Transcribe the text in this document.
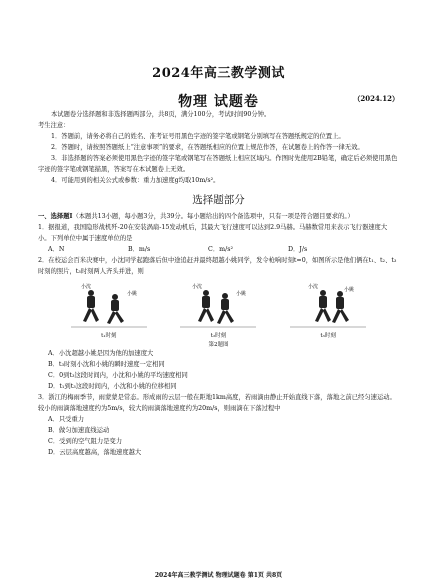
2024年高三教学测试
物理 试题卷	（2024.12）

本试题卷分选择题和非选择题两部分，共8页，满分100分，考试时间90分钟。

考生注意：

1．答题前，请务必将自己的姓名、准考证号用黑色字迹的签字笔或钢笔分别填写在答题纸规定的位置上。

2．答题时，请按照答题纸上“注意事项”的要求，在答题纸相应的位置上规范作答，在试题卷上的作答一律无效。

3．非选择题的答案必须使用黑色字迹的签字笔或钢笔写在答题纸上相应区域内。作图时先使用2B铅笔，确定后必须使用黑色字迹的签字笔或钢笔描黑，答案写在本试题卷上无效。

4．可能用到的相关公式或参数：重力加速度g均取10m/s²。

选择题部分

一、选择题Ⅰ（本题共13小题，每小题3分，共39分。每小题给出的四个备选项中，只有一项是符合题目要求的。）

1．据报道，我国隐形战机歼-20在安装涡扇-15发动机后，其最大飞行速度可以达到2.9马赫。马赫数常用来表示飞行器速度大小。下列单位中属于速度单位的是

A．N	B．m/s	C．m/s²	D．J/s

2．在校运会百米决赛中，小沈同学起跑落后但中途追赶并最终超越小姚同学，发令枪响时刻t=0，如图所示是他们俩在t₁、t₂、t₃时刻的照片，t₃时刻两人齐头并进，则

小沈
小姚
t₁时刻
小沈
小姚
t₂时刻
小沈	小姚
t₃时刻
第2题图

A．小沈超越小姚是因为他的加速度大

B．t₃时刻小沈和小姚的瞬时速度一定相同

C．0到t₃这段时间内，小沈和小姚的平均速度相同

D．t₁到t₃这段时间内，小沈和小姚的位移相同

3．浙江的梅雨季节，雨蒙蒙是常态。形成雨的云层一般在距地1km高度，若雨滴由静止开始直线下落，落地之前已经匀速运动。较小的雨滴落地速度约为5m/s，较大的雨滴落地速度约为20m/s，则雨滴在下落过程中

A．只受重力

B．做匀加速直线运动

C．受到的空气阻力是变力

D．云层高度越高，落地速度越大

2024年高三教学测试 物理试题卷 第1页 共8页
